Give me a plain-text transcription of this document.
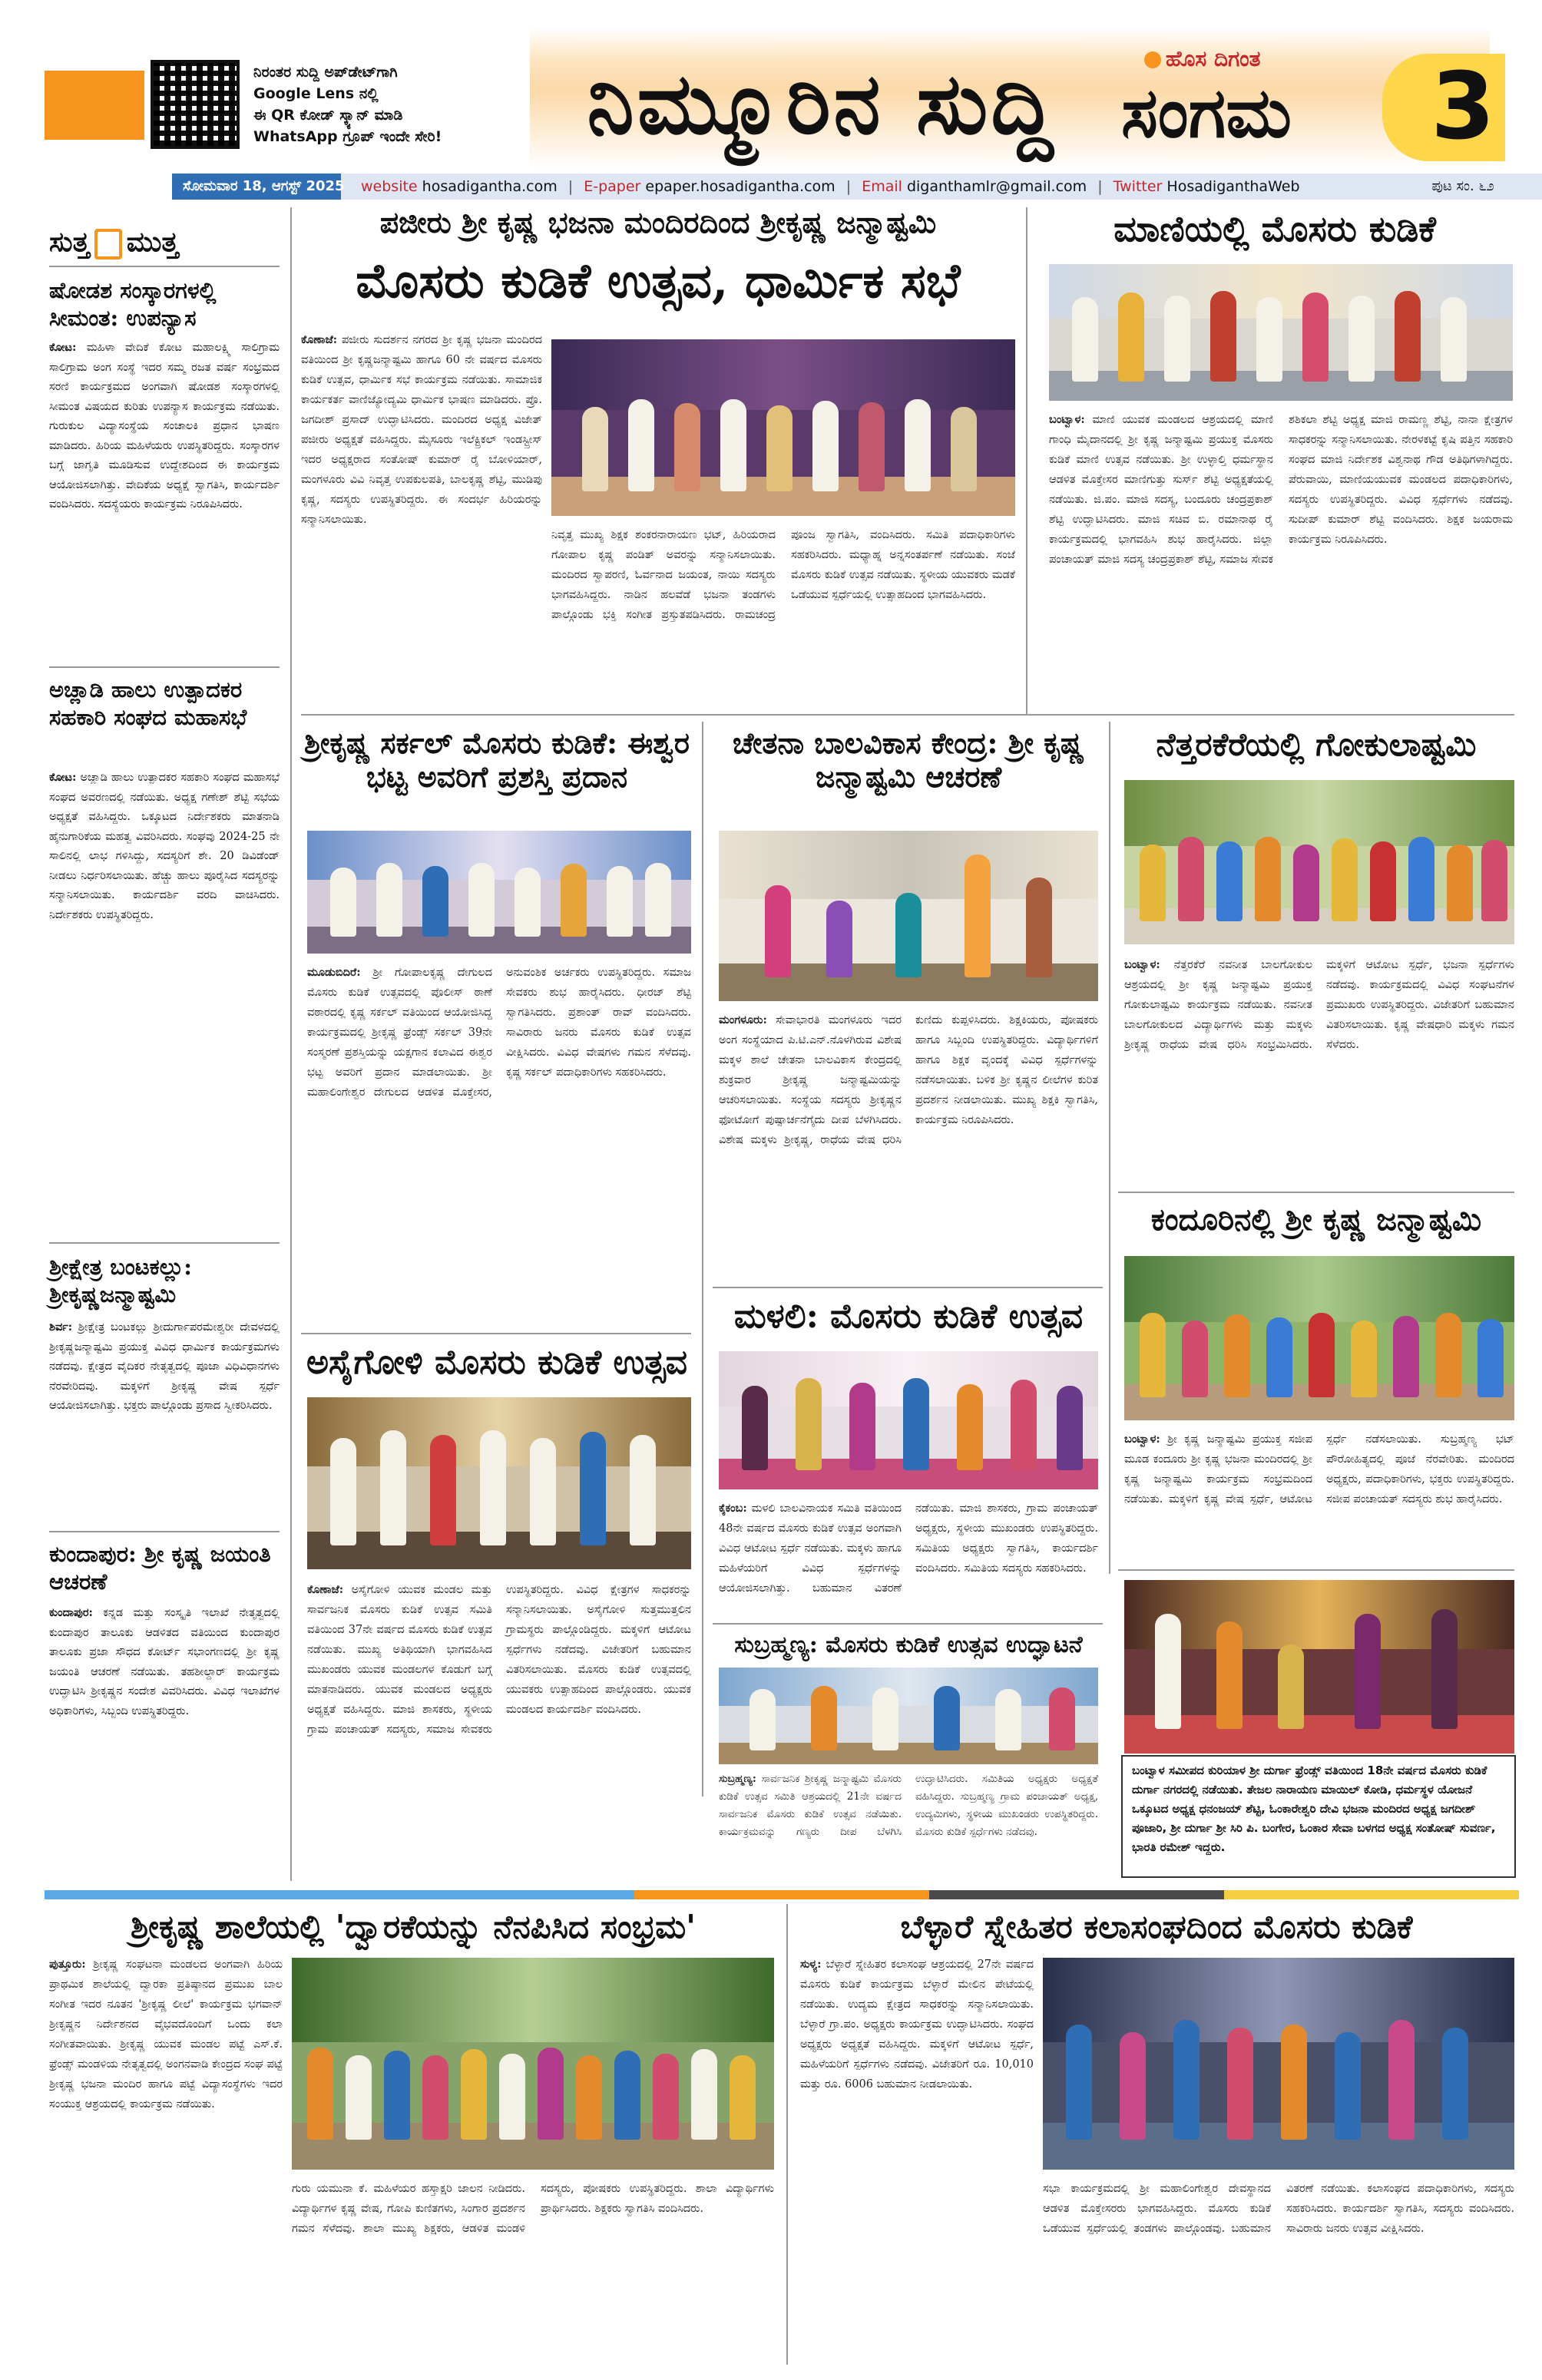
ನಿರಂತರ ಸುದ್ದಿ ಅಪ್‌ಡೇಟ್‌ಗಾಗಿ
Google Lens ನಲ್ಲಿ
ಈ QR ಕೋಡ್ ಸ್ಕ್ಯಾನ್ ಮಾಡಿ
WhatsApp ಗ್ರೂಪ್ ಇಂದೇ ಸೇರಿ!	ನಿಮ್ಮೂರಿನ ಸುದ್ದಿ	ಹೊಸ ದಿಗಂತ
ಸಂಗಮ 3
ಸೋಮವಾರ 18, ಆಗಸ್ಟ್ 2025 website hosadigantha.com | E-paper epaper.hosadigantha.com | Email diganthamlr@gmail.com | Twitter HosadiganthaWeb	ಪುಟ ಸಂ. ೬೨
ಸುತ್ತ ಮುತ್ತ
ಷೋಡಶ ಸಂಸ್ಕಾರಗಳಲ್ಲಿ ಸೀಮಂತ: ಉಪನ್ಯಾಸ
ಕೋಟ: ಮಹಿಳಾ ವೇದಿಕೆ ಕೋಟ ಮಹಾಲಕ್ಷ್ಮಿ ಸಾಲಿಗ್ರಾಮ ಸಾಲಿಗ್ರಾಮ ಅಂಗ ಸಂಸ್ಥೆ ಇದರ ಸಮ್ಮ ರಜತ ವರ್ಷ ಸಂಭ್ರಮದ ಸರಣಿ ಕಾರ್ಯಕ್ರಮದ ಅಂಗವಾಗಿ ಷೋಡಶ ಸಂಸ್ಕಾರಗಳಲ್ಲಿ ಸೀಮಂತ ವಿಷಯದ ಕುರಿತು ಉಪನ್ಯಾಸ ಕಾರ್ಯಕ್ರಮ ನಡೆಯಿತು. ಗುರುಕುಲ ವಿದ್ಯಾಸಂಸ್ಥೆಯ ಸಂಚಾಲಕಿ ಪ್ರಧಾನ ಭಾಷಣ ಮಾಡಿದರು. ಹಿರಿಯ ಮಹಿಳೆಯರು ಉಪಸ್ಥಿತರಿದ್ದರು. ಸಂಸ್ಕಾರಗಳ ಬಗ್ಗೆ ಜಾಗೃತಿ ಮೂಡಿಸುವ ಉದ್ದೇಶದಿಂದ ಈ ಕಾರ್ಯಕ್ರಮ ಆಯೋಜಿಸಲಾಗಿತ್ತು. ವೇದಿಕೆಯ ಅಧ್ಯಕ್ಷೆ ಸ್ವಾಗತಿಸಿ, ಕಾರ್ಯದರ್ಶಿ ವಂದಿಸಿದರು. ಸದಸ್ಯೆಯರು ಕಾರ್ಯಕ್ರಮ ನಿರೂಪಿಸಿದರು.
ಅಚ್ಲಾಡಿ ಹಾಲು ಉತ್ಪಾದಕರ ಸಹಕಾರಿ ಸಂಘದ ಮಹಾಸಭೆ
ಕೋಟ: ಅಚ್ಲಾಡಿ ಹಾಲು ಉತ್ಪಾದಕರ ಸಹಕಾರಿ ಸಂಘದ ಮಹಾಸಭೆ ಸಂಘದ ಅವರಣದಲ್ಲಿ ನಡೆಯಿತು. ಅಧ್ಯಕ್ಷ ಗಣೇಶ್ ಶೆಟ್ಟಿ ಸಭೆಯ ಅಧ್ಯಕ್ಷತೆ ವಹಿಸಿದ್ದರು. ಒಕ್ಕೂಟದ ನಿರ್ದೇಶಕರು ಮಾತನಾಡಿ ಹೈನುಗಾರಿಕೆಯ ಮಹತ್ವ ವಿವರಿಸಿದರು. ಸಂಘವು 2024-25 ನೇ ಸಾಲಿನಲ್ಲಿ ಲಾಭ ಗಳಿಸಿದ್ದು, ಸದಸ್ಯರಿಗೆ ಶೇ. 20 ಡಿವಿಡೆಂಡ್ ನೀಡಲು ನಿರ್ಧರಿಸಲಾಯಿತು. ಹೆಚ್ಚು ಹಾಲು ಪೂರೈಸಿದ ಸದಸ್ಯರನ್ನು ಸನ್ಮಾನಿಸಲಾಯಿತು. ಕಾರ್ಯದರ್ಶಿ ವರದಿ ವಾಚಿಸಿದರು. ನಿರ್ದೇಶಕರು ಉಪಸ್ಥಿತರಿದ್ದರು.
ಶ್ರೀಕ್ಷೇತ್ರ ಬಂಟಕಲ್ಲು: ಶ್ರೀಕೃಷ್ಣಜನ್ಮಾಷ್ಟಮಿ
ಶಿರ್ವ: ಶ್ರೀಕ್ಷೇತ್ರ ಬಂಟಕಲ್ಲು ಶ್ರೀದುರ್ಗಾಪರಮೇಶ್ವರೀ ದೇವಳದಲ್ಲಿ ಶ್ರೀಕೃಷ್ಣಜನ್ಮಾಷ್ಟಮಿ ಪ್ರಯುಕ್ತ ವಿವಿಧ ಧಾರ್ಮಿಕ ಕಾರ್ಯಕ್ರಮಗಳು ನಡೆದವು. ಕ್ಷೇತ್ರದ ವೈದಿಕರ ನೇತೃತ್ವದಲ್ಲಿ ಪೂಜಾ ವಿಧಿವಿಧಾನಗಳು ನೆರವೇರಿದವು. ಮಕ್ಕಳಿಗೆ ಶ್ರೀಕೃಷ್ಣ ವೇಷ ಸ್ಪರ್ಧೆ ಆಯೋಜಿಸಲಾಗಿತ್ತು. ಭಕ್ತರು ಪಾಲ್ಗೊಂಡು ಪ್ರಸಾದ ಸ್ವೀಕರಿಸಿದರು.
ಕುಂದಾಪುರ: ಶ್ರೀ ಕೃಷ್ಣ ಜಯಂತಿ ಆಚರಣೆ
ಕುಂದಾಪುರ: ಕನ್ನಡ ಮತ್ತು ಸಂಸ್ಕೃತಿ ಇಲಾಖೆ ನೇತೃತ್ವದಲ್ಲಿ ಕುಂದಾಪುರ ತಾಲೂಕು ಆಡಳಿತದ ವತಿಯಿಂದ ಕುಂದಾಪುರ ತಾಲೂಕು ಪ್ರಜಾ ಸೌಧದ ಕೋರ್ಟ್ ಸಭಾಂಗಣದಲ್ಲಿ ಶ್ರೀ ಕೃಷ್ಣ ಜಯಂತಿ ಆಚರಣೆ ನಡೆಯಿತು. ತಹಶೀಲ್ದಾರ್ ಕಾರ್ಯಕ್ರಮ ಉದ್ಘಾಟಿಸಿ ಶ್ರೀಕೃಷ್ಣನ ಸಂದೇಶ ವಿವರಿಸಿದರು. ವಿವಿಧ ಇಲಾಖೆಗಳ ಅಧಿಕಾರಿಗಳು, ಸಿಬ್ಬಂದಿ ಉಪಸ್ಥಿತರಿದ್ದರು.
ಪಜೀರು ಶ್ರೀ ಕೃಷ್ಣ ಭಜನಾ ಮಂದಿರದಿಂದ ಶ್ರೀಕೃಷ್ಣ ಜನ್ಮಾಷ್ಟಮಿ
ಮೊಸರು ಕುಡಿಕೆ ಉತ್ಸವ, ಧಾರ್ಮಿಕ ಸಭೆ
ಕೊಣಾಜೆ: ಪಜೀರು ಸುದರ್ಶನ ನಗರದ ಶ್ರೀ ಕೃಷ್ಣ ಭಜನಾ ಮಂದಿರದ ವತಿಯಿಂದ ಶ್ರೀ ಕೃಷ್ಣಜನ್ಮಾಷ್ಟಮಿ ಹಾಗೂ 60 ನೇ ವರ್ಷದ ಮೊಸರು ಕುಡಿಕೆ ಉತ್ಸವ, ಧಾರ್ಮಿಕ ಸಭೆ ಕಾರ್ಯಕ್ರಮ ನಡೆಯಿತು. ಸಾಮಾಜಿಕ ಕಾರ್ಯಕರ್ತ ವಾಣಿಜ್ಯೋದ್ಯಮಿ ಧಾರ್ಮಿಕ ಭಾಷಣ ಮಾಡಿದರು. ಪ್ರೊ. ಜಗದೀಶ್ ಪ್ರಸಾದ್ ಉದ್ಘಾಟಿಸಿದರು. ಮಂದಿರದ ಅಧ್ಯಕ್ಷ ವಿಜೇತ್ ಪಜೀರು ಅಧ್ಯಕ್ಷತೆ ವಹಿಸಿದ್ದರು. ಮೈಸೂರು ಇಲೆಕ್ಟ್ರಿಕಲ್ ಇಂಡಸ್ಟ್ರೀಸ್ ಇದರ ಅಧ್ಯಕ್ಷರಾದ ಸಂತೋಷ್ ಕುಮಾರ್ ರೈ ಬೋಳಿಯಾರ್, ಮಂಗಳೂರು ವಿವಿ ನಿವೃತ್ತ ಉಪಕುಲಪತಿ, ಬಾಲಕೃಷ್ಣ ಶೆಟ್ಟಿ, ಮುಡಿಪು ಕೃಷ್ಣ, ಸದಸ್ಯರು ಉಪಸ್ಥಿತರಿದ್ದರು. ಈ ಸಂದರ್ಭ ಹಿರಿಯರನ್ನು ಸನ್ಮಾನಿಸಲಾಯಿತು.
ನಿವೃತ್ತ ಮುಖ್ಯ ಶಿಕ್ಷಕ ಶಂಕರನಾರಾಯಣ ಭಟ್, ಹಿರಿಯರಾದ ಗೋಪಾಲ ಕೃಷ್ಣ ಪಂಡಿತ್ ಅವರನ್ನು ಸನ್ಮಾನಿಸಲಾಯಿತು. ಮಂದಿರದ ಸ್ವಾಪರಣಿ, ಓರ್ವನಾದ ಜಯಂತ, ನಾಯಿ ಸದಸ್ಯರು ಭಾಗವಹಿಸಿದ್ದರು. ನಾಡಿನ ಹಲವೆಡೆ ಭಜನಾ ತಂಡಗಳು ಪಾಲ್ಗೊಂಡು ಭಕ್ತಿ ಸಂಗೀತ ಪ್ರಸ್ತುತಪಡಿಸಿದರು. ರಾಮಚಂದ್ರ ಪೂಂಜ ಸ್ವಾಗತಿಸಿ, ವಂದಿಸಿದರು. ಸಮಿತಿ ಪದಾಧಿಕಾರಿಗಳು ಸಹಕರಿಸಿದರು. ಮಧ್ಯಾಹ್ನ ಅನ್ನಸಂತರ್ಪಣೆ ನಡೆಯಿತು. ಸಂಜೆ ಮೊಸರು ಕುಡಿಕೆ ಉತ್ಸವ ನಡೆಯಿತು. ಸ್ಥಳೀಯ ಯುವಕರು ಮಡಕೆ ಒಡೆಯುವ ಸ್ಪರ್ಧೆಯಲ್ಲಿ ಉತ್ಸಾಹದಿಂದ ಭಾಗವಹಿಸಿದರು.
ಮಾಣಿಯಲ್ಲಿ ಮೊಸರು ಕುಡಿಕೆ
ಬಂಟ್ವಾಳ: ಮಾಣಿ ಯುವಕ ಮಂಡಲದ ಆಶ್ರಯದಲ್ಲಿ ಮಾಣಿ ಗಾಂಧಿ ಮೈದಾನದಲ್ಲಿ ಶ್ರೀ ಕೃಷ್ಣ ಜನ್ಮಾಷ್ಟಮಿ ಪ್ರಯುಕ್ತ ಮೊಸರು ಕುಡಿಕೆ ಮಾಣಿ ಉತ್ಸವ ನಡೆಯಿತು. ಶ್ರೀ ಉಳ್ಳಾಲ್ತಿ ಧರ್ಮಸ್ಥಾನ ಆಡಳಿತ ಮೊಕ್ತೇಸರ ಮಾಣಿಗುತ್ತು ಸುರ್ಸ್ ಶೆಟ್ಟಿ ಅಧ್ಯಕ್ಷತೆಯಲ್ಲಿ ನಡೆಯಿತು. ಜಿ.ಪಂ. ಮಾಜಿ ಸದಸ್ಯ, ಬಂದೂರು ಚಂದ್ರಪ್ರಕಾಶ್ ಶೆಟ್ಟಿ ಉದ್ಘಾಟಿಸಿದರು. ಮಾಜಿ ಸಚಿವ ಬಿ. ರಮಾನಾಥ ರೈ ಕಾರ್ಯಕ್ರಮದಲ್ಲಿ ಭಾಗವಹಿಸಿ ಶುಭ ಹಾರೈಸಿದರು. ಜಿಲ್ಲಾ ಪಂಚಾಯತ್ ಮಾಜಿ ಸದಸ್ಯ ಚಂದ್ರಪ್ರಕಾಶ್ ಶೆಟ್ಟಿ, ಸಮಾಜ ಸೇವಕ ಶಶಿಕಲಾ ಶೆಟ್ಟಿ ಅಧ್ಯಕ್ಷ ಮಾಜಿ ರಾಮಣ್ಣ ಶೆಟ್ಟಿ, ನಾನಾ ಕ್ಷೇತ್ರಗಳ ಸಾಧಕರನ್ನು ಸನ್ಮಾನಿಸಲಾಯಿತು. ನೇರಳಕಟ್ಟೆ ಕೃಷಿ ಪತ್ತಿನ ಸಹಕಾರಿ ಸಂಘದ ಮಾಜಿ ನಿರ್ದೇಶಕ ವಿಶ್ವನಾಥ ಗೌಡ ಅತಿಥಿಗಳಾಗಿದ್ದರು. ಪೆರುವಾಯಿ, ಮಾಣಿಯಯುವಕ ಮಂಡಲದ ಪದಾಧಿಕಾರಿಗಳು, ಸದಸ್ಯರು ಉಪಸ್ಥಿತರಿದ್ದರು. ವಿವಿಧ ಸ್ಪರ್ಧೆಗಳು ನಡೆದವು. ಸುದೀಪ್ ಕುಮಾರ್ ಶೆಟ್ಟಿ ವಂದಿಸಿದರು. ಶಿಕ್ಷಕ ಜಯರಾಮ ಕಾರ್ಯಕ್ರಮ ನಿರೂಪಿಸಿದರು.
ಶ್ರೀಕೃಷ್ಣ ಸರ್ಕಲ್ ಮೊಸರು ಕುಡಿಕೆ: ಈಶ್ವರ ಭಟ್ಟ ಅವರಿಗೆ ಪ್ರಶಸ್ತಿ ಪ್ರದಾನ
ಮೂಡುಬಿದಿರೆ: ಶ್ರೀ ಗೋಪಾಲಕೃಷ್ಣ ದೇಗುಲದ ಮೊಸರು ಕುಡಿಕೆ ಉತ್ಸವದಲ್ಲಿ ಪೊಲೀಸ್ ಠಾಣೆ ವಠಾರದಲ್ಲಿ ಕೃಷ್ಣ ಸರ್ಕಲ್ ವತಿಯಿಂದ ಆಯೋಜಿಸಿದ್ದ ಕಾರ್ಯಕ್ರಮದಲ್ಲಿ ಶ್ರೀಕೃಷ್ಣ ಫ್ರೆಂಡ್ಸ್ ಸರ್ಕಲ್ 39ನೇ ಸಂಸ್ಮರಣೆ ಪ್ರಶಸ್ತಿಯನ್ನು ಯಕ್ಷಗಾನ ಕಲಾವಿದ ಈಶ್ವರ ಭಟ್ಟ ಅವರಿಗೆ ಪ್ರದಾನ ಮಾಡಲಾಯಿತು. ಶ್ರೀ ಮಹಾಲಿಂಗೇಶ್ವರ ದೇಗುಲದ ಆಡಳಿತ ಮೊಕ್ತೇಸರ, ಅನುವಂಶಿಕ ಅರ್ಚಕರು ಉಪಸ್ಥಿತರಿದ್ದರು. ಸಮಾಜ ಸೇವಕರು ಶುಭ ಹಾರೈಸಿದರು. ಧೀರಜ್ ಶೆಟ್ಟಿ ಸ್ವಾಗತಿಸಿದರು. ಪ್ರಶಾಂತ್ ರಾವ್ ವಂದಿಸಿದರು. ಸಾವಿರಾರು ಜನರು ಮೊಸರು ಕುಡಿಕೆ ಉತ್ಸವ ವೀಕ್ಷಿಸಿದರು. ವಿವಿಧ ವೇಷಗಳು ಗಮನ ಸೆಳೆದವು. ಕೃಷ್ಣ ಸರ್ಕಲ್ ಪದಾಧಿಕಾರಿಗಳು ಸಹಕರಿಸಿದರು.
ಚೇತನಾ ಬಾಲವಿಕಾಸ ಕೇಂದ್ರ: ಶ್ರೀ ಕೃಷ್ಣ ಜನ್ಮಾಷ್ಟಮಿ ಆಚರಣೆ
ಮಂಗಳೂರು: ಸೇವಾಭಾರತಿ ಮಂಗಳೂರು ಇದರ ಅಂಗ ಸಂಸ್ಥೆಯಾದ ಪಿ.ಟಿ.ಎನ್.ನೊಳಗಿರುವ ವಿಶೇಷ ಮಕ್ಕಳ ಶಾಲೆ ಚೇತನಾ ಬಾಲವಿಕಾಸ ಕೇಂದ್ರದಲ್ಲಿ ಶುಕ್ರವಾರ ಶ್ರೀಕೃಷ್ಣ ಜನ್ಮಾಷ್ಟಮಿಯನ್ನು ಆಚರಿಸಲಾಯಿತು. ಸಂಸ್ಥೆಯ ಸದಸ್ಯರು ಶ್ರೀಕೃಷ್ಣನ ಫೋಟೋಗೆ ಪುಷ್ಪಾರ್ಚನೆಗೈದು ದೀಪ ಬೆಳಗಿಸಿದರು. ವಿಶೇಷ ಮಕ್ಕಳು ಶ್ರೀಕೃಷ್ಣ, ರಾಧೆಯ ವೇಷ ಧರಿಸಿ ಕುಣಿದು ಕುಪ್ಪಳಿಸಿದರು. ಶಿಕ್ಷಕಿಯರು, ಪೋಷಕರು ಹಾಗೂ ಸಿಬ್ಬಂದಿ ಉಪಸ್ಥಿತರಿದ್ದರು. ವಿದ್ಯಾರ್ಥಿಗಳಿಗೆ ಹಾಗೂ ಶಿಕ್ಷಕ ವೃಂದಕ್ಕೆ ವಿವಿಧ ಸ್ಪರ್ಧೆಗಳನ್ನು ನಡೆಸಲಾಯಿತು. ಬಳಿಕ ಶ್ರೀ ಕೃಷ್ಣನ ಲೀಲೆಗಳ ಕುರಿತ ಪ್ರದರ್ಶನ ನೀಡಲಾಯಿತು. ಮುಖ್ಯ ಶಿಕ್ಷಕಿ ಸ್ವಾಗತಿಸಿ, ಕಾರ್ಯಕ್ರಮ ನಿರೂಪಿಸಿದರು.
ನೆತ್ತರಕೆರೆಯಲ್ಲಿ ಗೋಕುಲಾಷ್ಟಮಿ
ಬಂಟ್ವಾಳ: ನೆತ್ತರಕೆರೆ ನವನೀತ ಬಾಲಗೋಕುಲ ಆಶ್ರಯದಲ್ಲಿ ಶ್ರೀ ಕೃಷ್ಣ ಜನ್ಮಾಷ್ಟಮಿ ಪ್ರಯುಕ್ತ ಗೋಕುಲಾಷ್ಟಮಿ ಕಾರ್ಯಕ್ರಮ ನಡೆಯಿತು. ನವನೀತ ಬಾಲಗೋಕುಲದ ವಿದ್ಯಾರ್ಥಿಗಳು ಮತ್ತು ಮಕ್ಕಳು ಶ್ರೀಕೃಷ್ಣ ರಾಧೆಯ ವೇಷ ಧರಿಸಿ ಸಂಭ್ರಮಿಸಿದರು. ಮಕ್ಕಳಿಗೆ ಆಟೋಟ ಸ್ಪರ್ಧೆ, ಭಜನಾ ಸ್ಪರ್ಧೆಗಳು ನಡೆದವು. ಕಾರ್ಯಕ್ರಮದಲ್ಲಿ ವಿವಿಧ ಸಂಘಟನೆಗಳ ಪ್ರಮುಖರು ಉಪಸ್ಥಿತರಿದ್ದರು. ವಿಜೇತರಿಗೆ ಬಹುಮಾನ ವಿತರಿಸಲಾಯಿತು. ಕೃಷ್ಣ ವೇಷಧಾರಿ ಮಕ್ಕಳು ಗಮನ ಸೆಳೆದರು.
ಕಂದೂರಿನಲ್ಲಿ ಶ್ರೀ ಕೃಷ್ಣ ಜನ್ಮಾಷ್ಟಮಿ
ಬಂಟ್ವಾಳ: ಶ್ರೀ ಕೃಷ್ಣ ಜನ್ಮಾಷ್ಟಮಿ ಪ್ರಯುಕ್ತ ಸಜೀಪ ಮೂಡ ಕಂದೂರು ಶ್ರೀ ಕೃಷ್ಣ ಭಜನಾ ಮಂದಿರದಲ್ಲಿ ಶ್ರೀ ಕೃಷ್ಣ ಜನ್ಮಾಷ್ಟಮಿ ಕಾರ್ಯಕ್ರಮ ಸಂಭ್ರಮದಿಂದ ನಡೆಯಿತು. ಮಕ್ಕಳಿಗೆ ಕೃಷ್ಣ ವೇಷ ಸ್ಪರ್ಧೆ, ಆಟೋಟ ಸ್ಪರ್ಧೆ ನಡೆಸಲಾಯಿತು. ಸುಬ್ರಹ್ಮಣ್ಯ ಭಟ್ ಪೌರೋಹಿತ್ಯದಲ್ಲಿ ಪೂಜೆ ನೆರವೇರಿತು. ಮಂದಿರದ ಅಧ್ಯಕ್ಷರು, ಪದಾಧಿಕಾರಿಗಳು, ಭಕ್ತರು ಉಪಸ್ಥಿತರಿದ್ದರು. ಸಜೀಪ ಪಂಚಾಯತ್ ಸದಸ್ಯರು ಶುಭ ಹಾರೈಸಿದರು.
ಅಸೈಗೋಳಿ ಮೊಸರು ಕುಡಿಕೆ ಉತ್ಸವ
ಕೊಣಾಜೆ: ಅಸೈಗೋಳಿ ಯುವಕ ಮಂಡಲ ಮತ್ತು ಸಾರ್ವಜನಿಕ ಮೊಸರು ಕುಡಿಕೆ ಉತ್ಸವ ಸಮಿತಿ ವತಿಯಿಂದ 37ನೇ ವರ್ಷದ ಮೊಸರು ಕುಡಿಕೆ ಉತ್ಸವ ನಡೆಯಿತು. ಮುಖ್ಯ ಅತಿಥಿಯಾಗಿ ಭಾಗವಹಿಸಿದ ಮುಖಂಡರು ಯುವಕ ಮಂಡಲಗಳ ಕೊಡುಗೆ ಬಗ್ಗೆ ಮಾತನಾಡಿದರು. ಯುವಕ ಮಂಡಲದ ಅಧ್ಯಕ್ಷರು ಅಧ್ಯಕ್ಷತೆ ವಹಿಸಿದ್ದರು. ಮಾಜಿ ಶಾಸಕರು, ಸ್ಥಳೀಯ ಗ್ರಾಮ ಪಂಚಾಯತ್ ಸದಸ್ಯರು, ಸಮಾಜ ಸೇವಕರು ಉಪಸ್ಥಿತರಿದ್ದರು. ವಿವಿಧ ಕ್ಷೇತ್ರಗಳ ಸಾಧಕರನ್ನು ಸನ್ಮಾನಿಸಲಾಯಿತು. ಅಸೈಗೋಳಿ ಸುತ್ತಮುತ್ತಲಿನ ಗ್ರಾಮಸ್ಥರು ಪಾಲ್ಗೊಂಡಿದ್ದರು. ಮಕ್ಕಳಿಗೆ ಆಟೋಟ ಸ್ಪರ್ಧೆಗಳು ನಡೆದವು. ವಿಜೇತರಿಗೆ ಬಹುಮಾನ ವಿತರಿಸಲಾಯಿತು. ಮೊಸರು ಕುಡಿಕೆ ಉತ್ಸವದಲ್ಲಿ ಯುವಕರು ಉತ್ಸಾಹದಿಂದ ಪಾಲ್ಗೊಂಡರು. ಯುವಕ ಮಂಡಲದ ಕಾರ್ಯದರ್ಶಿ ವಂದಿಸಿದರು.
ಮಳಲಿ: ಮೊಸರು ಕುಡಿಕೆ ಉತ್ಸವ
ಕೈಕಂಬ: ಮಳಲಿ ಬಾಲವಿನಾಯಕ ಸಮಿತಿ ವತಿಯಿಂದ 48ನೇ ವರ್ಷದ ಮೊಸರು ಕುಡಿಕೆ ಉತ್ಸವ ಅಂಗವಾಗಿ ವಿವಿಧ ಆಟೋಟ ಸ್ಪರ್ಧೆ ನಡೆಯಿತು. ಮಕ್ಕಳು ಹಾಗೂ ಮಹಿಳೆಯರಿಗೆ ವಿವಿಧ ಸ್ಪರ್ಧೆಗಳನ್ನು ಆಯೋಜಿಸಲಾಗಿತ್ತು. ಬಹುಮಾನ ವಿತರಣೆ ನಡೆಯಿತು. ಮಾಜಿ ಶಾಸಕರು, ಗ್ರಾಮ ಪಂಚಾಯತ್ ಅಧ್ಯಕ್ಷರು, ಸ್ಥಳೀಯ ಮುಖಂಡರು ಉಪಸ್ಥಿತರಿದ್ದರು. ಸಮಿತಿಯ ಅಧ್ಯಕ್ಷರು ಸ್ವಾಗತಿಸಿ, ಕಾರ್ಯದರ್ಶಿ ವಂದಿಸಿದರು. ಸಮಿತಿಯ ಸದಸ್ಯರು ಸಹಕರಿಸಿದರು.
ಸುಬ್ರಹ್ಮಣ್ಯ: ಮೊಸರು ಕುಡಿಕೆ ಉತ್ಸವ ಉದ್ಘಾಟನೆ
ಸುಬ್ರಹ್ಮಣ್ಯ: ಸಾರ್ವಜನಿಕ ಶ್ರೀಕೃಷ್ಣ ಜನ್ಮಾಷ್ಟಮಿ ಮೊಸರು ಕುಡಿಕೆ ಉತ್ಸವ ಸಮಿತಿ ಆಶ್ರಯದಲ್ಲಿ 21ನೇ ವರ್ಷದ ಸಾರ್ವಜನಿಕ ಮೊಸರು ಕುಡಿಕೆ ಉತ್ಸವ ನಡೆಯಿತು. ಕಾರ್ಯಕ್ರಮವನ್ನು ಗಣ್ಯರು ದೀಪ ಬೆಳಗಿಸಿ ಉದ್ಘಾಟಿಸಿದರು. ಸಮಿತಿಯ ಅಧ್ಯಕ್ಷರು ಅಧ್ಯಕ್ಷತೆ ವಹಿಸಿದ್ದರು. ಸುಬ್ರಹ್ಮಣ್ಯ ಗ್ರಾಮ ಪಂಚಾಯತ್ ಅಧ್ಯಕ್ಷ, ಉದ್ಯಮಿಗಳು, ಸ್ಥಳೀಯ ಮುಖಂಡರು ಉಪಸ್ಥಿತರಿದ್ದರು. ಮೊಸರು ಕುಡಿಕೆ ಸ್ಪರ್ಧೆಗಳು ನಡೆದವು.
ಬಂಟ್ವಾಳ ಸಮೀಪದ ಕುರಿಯಾಳ ಶ್ರೀ ದುರ್ಗಾ ಫ್ರೆಂಡ್ಸ್ ವತಿಯಿಂದ 18ನೇ ವರ್ಷದ ಮೊಸರು ಕುಡಿಕೆ ದುರ್ಗಾ ನಗರದಲ್ಲಿ ನಡೆಯಿತು. ತೇಜಲ ನಾರಾಯಣ ಮಾಯಿಲ್ ಕೋಡಿ, ಧರ್ಮಸ್ಥಳ ಯೋಜನೆ ಒಕ್ಕೂಟದ ಅಧ್ಯಕ್ಷ ಧನಂಜಯ್ ಶೆಟ್ಟಿ, ಓಂಕಾರೇಶ್ವರಿ ದೇವಿ ಭಜನಾ ಮಂದಿರದ ಅಧ್ಯಕ್ಷ ಜಗದೀಶ್ ಪೂಜಾರಿ, ಶ್ರೀ ದುರ್ಗಾ ಶ್ರೀ ಸಿರಿ ಪಿ. ಬಂಗೇರ, ಓಂಕಾರ ಸೇವಾ ಬಳಗದ ಅಧ್ಯಕ್ಷ ಸಂತೋಷ್ ಸುವರ್ಣ, ಭಾರತಿ ರಮೇಶ್ ಇದ್ದರು.
ಶ್ರೀಕೃಷ್ಣ ಶಾಲೆಯಲ್ಲಿ 'ದ್ವಾರಕೆಯನ್ನು ನೆನಪಿಸಿದ ಸಂಭ್ರಮ'
ಪುತ್ತೂರು: ಶ್ರೀಕೃಷ್ಣ ಸಂಘಟನಾ ಮಂಡಲದ ಅಂಗವಾಗಿ ಹಿರಿಯ ಪ್ರಾಥಮಿಕ ಶಾಲೆಯಲ್ಲಿ ದ್ವಾರಕಾ ಪ್ರತಿಷ್ಠಾನದ ಪ್ರಮುಖ ಬಾಲ ಸಂಗೀತ ಇದರ ನೂತನ 'ಶ್ರೀಕೃಷ್ಣ ಲೀಲೆ' ಕಾರ್ಯಕ್ರಮ ಭಗವಾನ್ ಶ್ರೀಕೃಷ್ಣನ ನಿರ್ದೇಶನದ ವೈಭವದೊಂದಿಗೆ ಒಂದು ಕಲಾ ಸಂಗೀತವಾಯಿತು. ಶ್ರೀಕೃಷ್ಣ ಯುವಕ ಮಂಡಲ ಪಟ್ಟೆ ಎಸ್.ಕೆ. ಫ್ರೆಂಡ್ಸ್ ಮಂಡಳಿಯ ನೇತೃತ್ವದಲ್ಲಿ ಅಂಗನವಾಡಿ ಕೇಂದ್ರದ ಸಂಘ ಪಟ್ಟೆ ಶ್ರೀಕೃಷ್ಣ ಭಜನಾ ಮಂದಿರ ಹಾಗೂ ಪಟ್ಟೆ ವಿದ್ಯಾಸಂಸ್ಥೆಗಳು ಇದರ ಸಂಯುಕ್ತ ಆಶ್ರಯದಲ್ಲಿ ಕಾರ್ಯಕ್ರಮ ನಡೆಯಿತು.
ಗುರು ಯಮುನಾ ಕೆ. ಮಹಿಳೆಯರ ಹಸ್ತಾಕ್ಷರಿ ಜಾಲನ ನೀಡಿದರು. ವಿದ್ಯಾರ್ಥಿಗಳ ಕೃಷ್ಣ ವೇಷ, ಗೋಪಿ ಕುಣಿತಗಳು, ಸಿಂಗಾರ ಪ್ರದರ್ಶನ ಗಮನ ಸೆಳೆದವು. ಶಾಲಾ ಮುಖ್ಯ ಶಿಕ್ಷಕರು, ಆಡಳಿತ ಮಂಡಳಿ ಸದಸ್ಯರು, ಪೋಷಕರು ಉಪಸ್ಥಿತರಿದ್ದರು. ಶಾಲಾ ವಿದ್ಯಾರ್ಥಿಗಳು ಪ್ರಾರ್ಥಿಸಿದರು. ಶಿಕ್ಷಕರು ಸ್ವಾಗತಿಸಿ ವಂದಿಸಿದರು.
ಬೆಳ್ಳಾರೆ ಸ್ನೇಹಿತರ ಕಲಾಸಂಘದಿಂದ ಮೊಸರು ಕುಡಿಕೆ
ಸುಳ್ಯ: ಬೆಳ್ಳಾರೆ ಸ್ನೇಹಿತರ ಕಲಾಸಂಘ ಆಶ್ರಯದಲ್ಲಿ 27ನೇ ವರ್ಷದ ಮೊಸರು ಕುಡಿಕೆ ಕಾರ್ಯಕ್ರಮ ಬೆಳ್ಳಾರೆ ಮೇಲಿನ ಪೇಟೆಯಲ್ಲಿ ನಡೆಯಿತು. ಉದ್ಯಮ ಕ್ಷೇತ್ರದ ಸಾಧಕರನ್ನು ಸನ್ಮಾನಿಸಲಾಯಿತು. ಬೆಳ್ಳಾರೆ ಗ್ರಾ.ಪಂ. ಅಧ್ಯಕ್ಷರು ಕಾರ್ಯಕ್ರಮ ಉದ್ಘಾಟಿಸಿದರು. ಸಂಘದ ಅಧ್ಯಕ್ಷರು ಅಧ್ಯಕ್ಷತೆ ವಹಿಸಿದ್ದರು. ಮಕ್ಕಳಿಗೆ ಆಟೋಟ ಸ್ಪರ್ಧೆ, ಮಹಿಳೆಯರಿಗೆ ಸ್ಪರ್ಧೆಗಳು ನಡೆದವು. ವಿಜೇತರಿಗೆ ರೂ. 10,010 ಮತ್ತು ರೂ. 6006 ಬಹುಮಾನ ನೀಡಲಾಯಿತು.
ಸಭಾ ಕಾರ್ಯಕ್ರಮದಲ್ಲಿ ಶ್ರೀ ಮಹಾಲಿಂಗೇಶ್ವರ ದೇವಸ್ಥಾನದ ಆಡಳಿತ ಮೊಕ್ತೇಸರರು ಭಾಗವಹಿಸಿದ್ದರು. ಮೊಸರು ಕುಡಿಕೆ ಒಡೆಯುವ ಸ್ಪರ್ಧೆಯಲ್ಲಿ ತಂಡಗಳು ಪಾಲ್ಗೊಂಡವು. ಬಹುಮಾನ ವಿತರಣೆ ನಡೆಯಿತು. ಕಲಾಸಂಘದ ಪದಾಧಿಕಾರಿಗಳು, ಸದಸ್ಯರು ಸಹಕರಿಸಿದರು. ಕಾರ್ಯದರ್ಶಿ ಸ್ವಾಗತಿಸಿ, ಸದಸ್ಯರು ವಂದಿಸಿದರು. ಸಾವಿರಾರು ಜನರು ಉತ್ಸವ ವೀಕ್ಷಿಸಿದರು.
